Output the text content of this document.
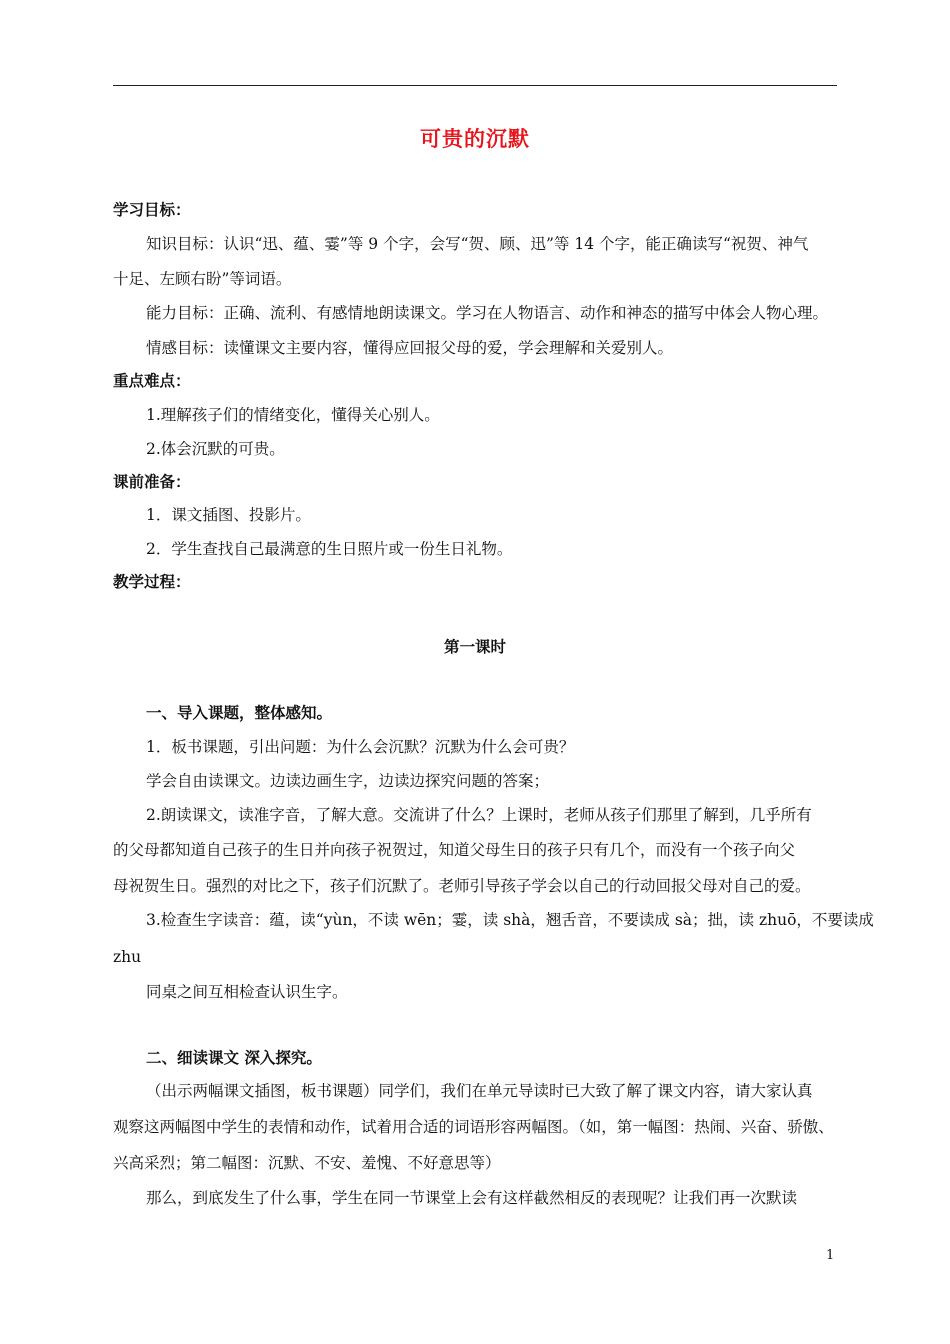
可贵的沉默
学习目标：
知识目标：认识“迅、蕴、霎”等 9 个字，会写“贺、顾、迅”等 14 个字，能正确读写“祝贺、神气
十足、左顾右盼”等词语。
能力目标：正确、流利、有感情地朗读课文。学习在人物语言、动作和神态的描写中体会人物心理。
情感目标：读懂课文主要内容，懂得应回报父母的爱，学会理解和关爱别人。
重点难点：
1.理解孩子们的情绪变化，懂得关心别人。
2.体会沉默的可贵。
课前准备：
1．课文插图、投影片。
2．学生查找自己最满意的生日照片或一份生日礼物。
教学过程：
第一课时
一、导入课题，整体感知。
1．板书课题，引出问题：为什么会沉默？沉默为什么会可贵？
学会自由读课文。边读边画生字，边读边探究问题的答案；
2.朗读课文，读准字音，了解大意。交流讲了什么？上课时，老师从孩子们那里了解到，几乎所有
的父母都知道自己孩子的生日并向孩子祝贺过，知道父母生日的孩子只有几个，而没有一个孩子向父
母祝贺生日。强烈的对比之下，孩子们沉默了。老师引导孩子学会以自己的行动回报父母对自己的爱。
3.检查生字读音：蕴，读“yùn，不读 wēn；霎，读 shà，翘舌音，不要读成 sà；拙，读 zhuō，不要读成
zhu
同桌之间互相检查认识生字。
二、细读课文 深入探究。
（出示两幅课文插图，板书课题）同学们，我们在单元导读时已大致了解了课文内容，请大家认真
观察这两幅图中学生的表情和动作，试着用合适的词语形容两幅图。（如，第一幅图：热闹、兴奋、骄傲、
兴高采烈；第二幅图：沉默、不安、羞愧、不好意思等）
那么，到底发生了什么事，学生在同一节课堂上会有这样截然相反的表现呢？让我们再一次默读
1
